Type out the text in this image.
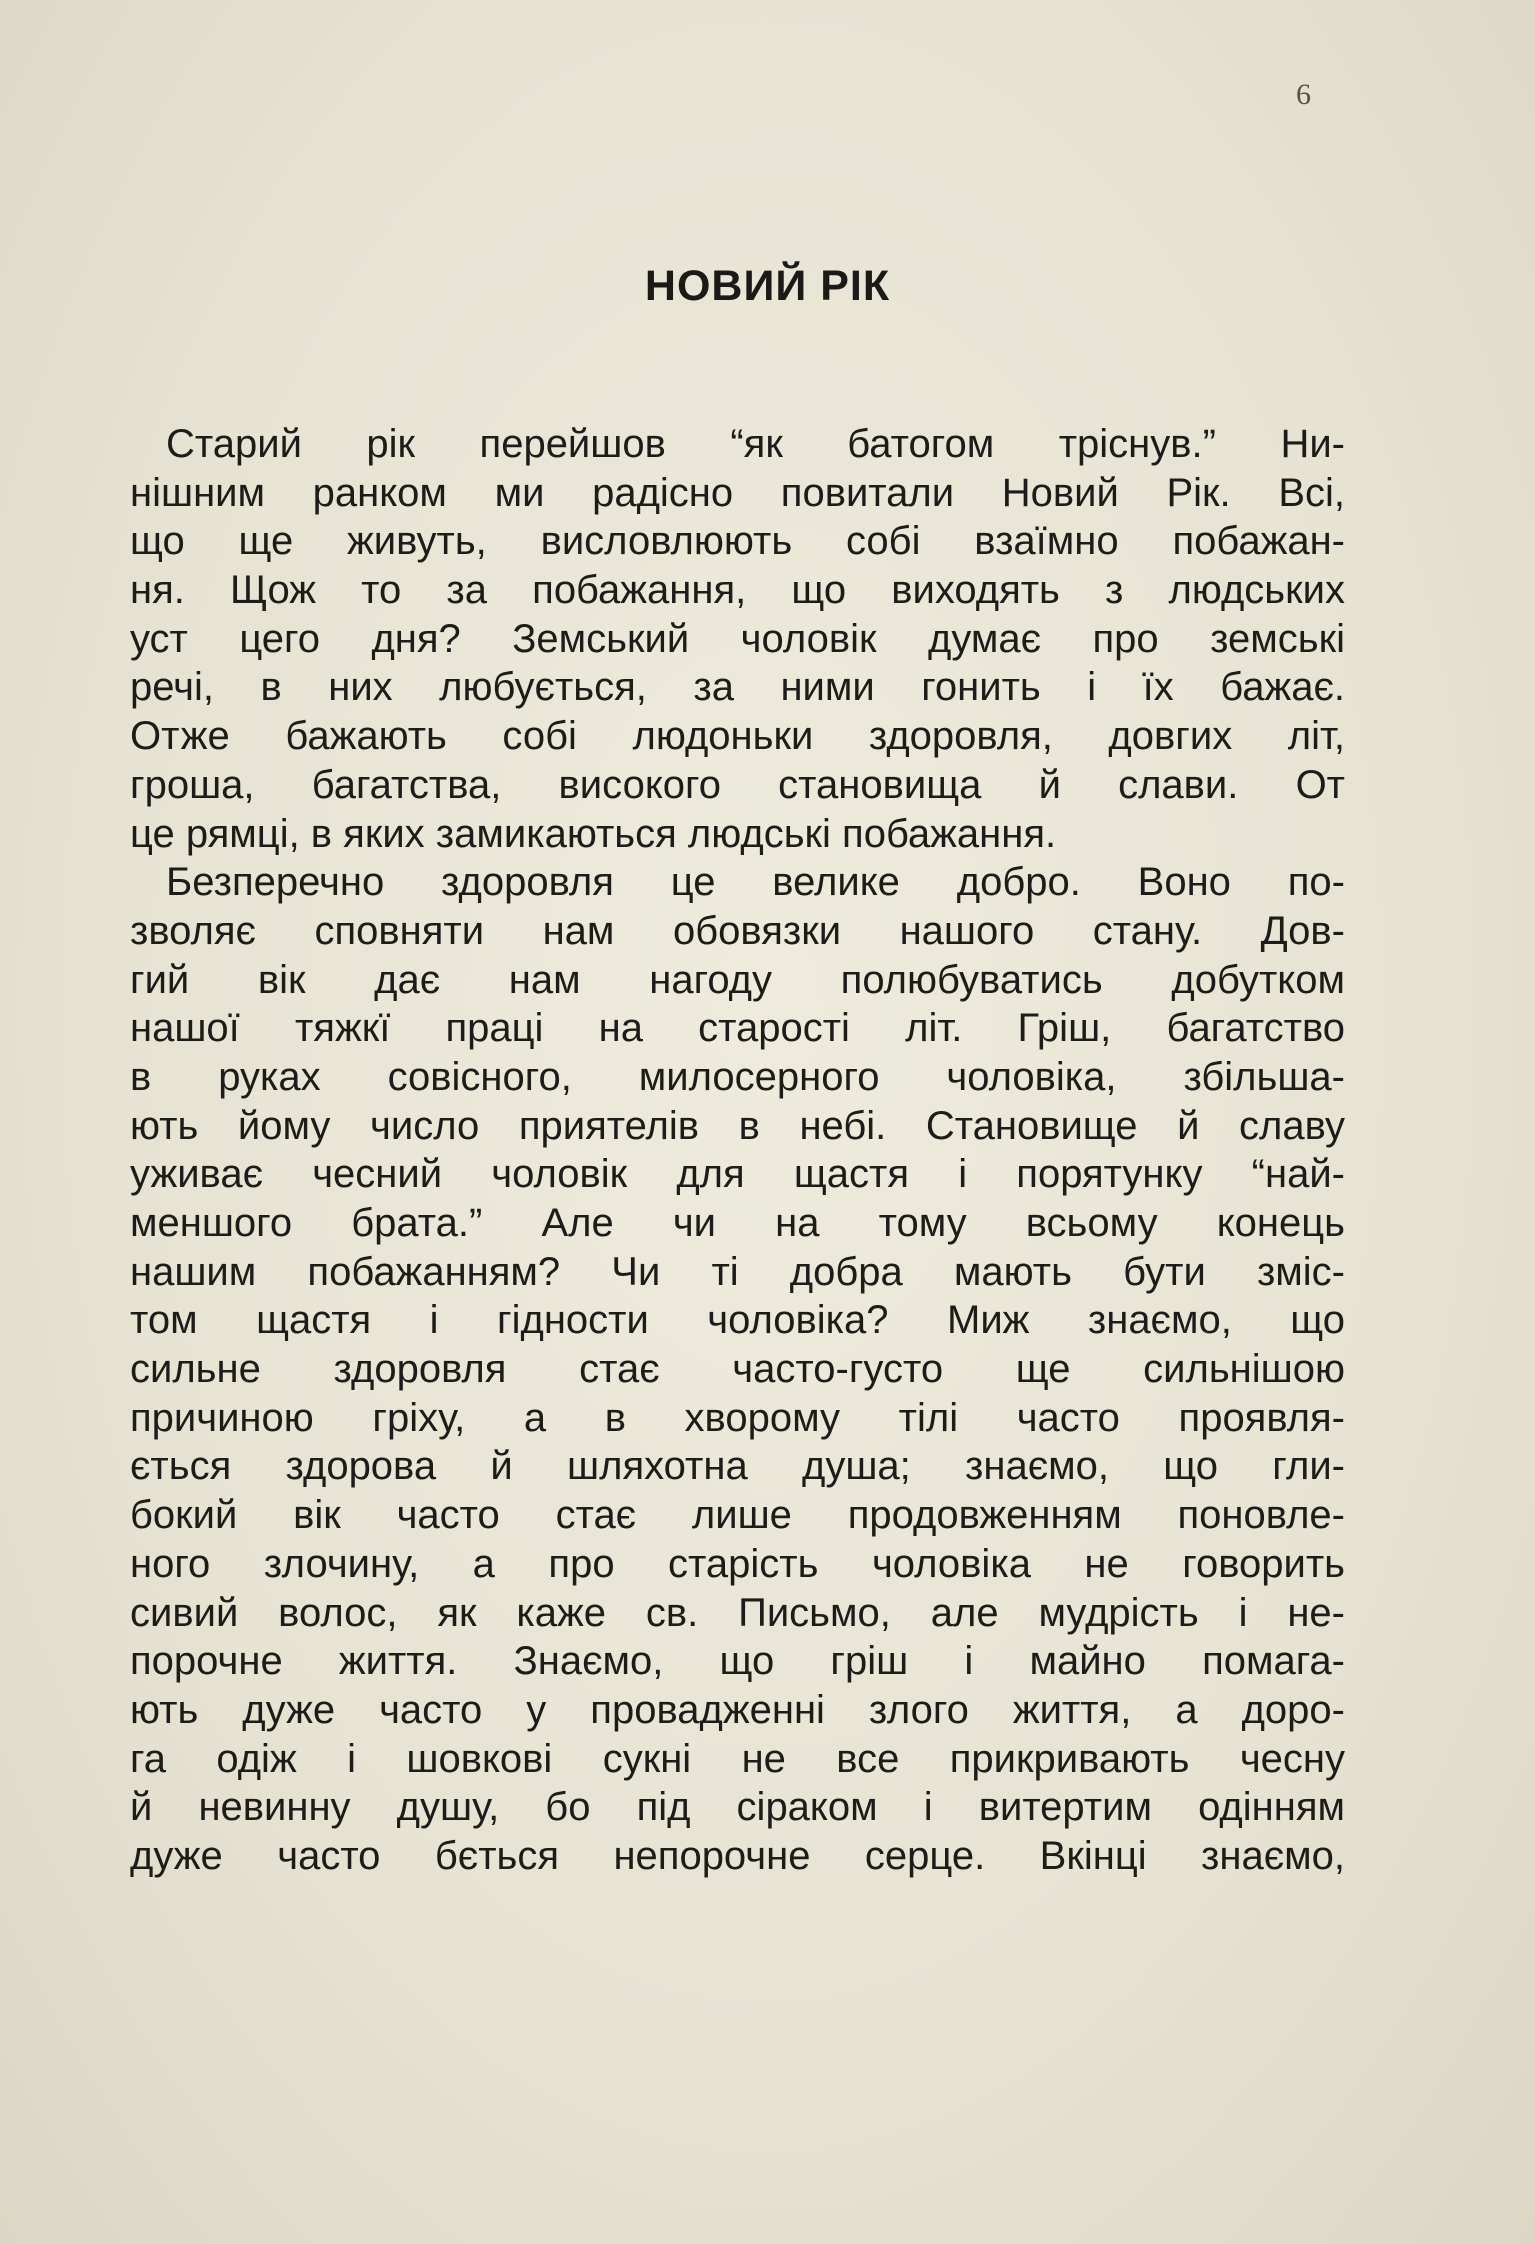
6
НОВИЙ РІК
Старий рік перейшов “як батогом тріснув.” Ни-
нішним ранком ми радісно повитали Новий Рік. Всі,
що ще живуть, висловлюють собі взаїмно побажан-
ня. Щож то за побажання, що виходять з людських
уст цего дня? Земський чоловік думає про земські
речі, в них любується, за ними гонить і їх бажає.
Отже бажають собі людоньки здоровля, довгих літ,
гроша, багатства, високого становища й слави. От
це рямці, в яких замикаються людські побажання.
Безперечно здоровля це велике добро. Воно по-
зволяє сповняти нам обовязки нашого стану. Дов-
гий вік дає нам нагоду полюбуватись добутком
нашої тяжкї праці на старості літ. Гріш, багатство
в руках совісного, милосерного чоловіка, збільша-
ють йому число приятелів в небі. Становище й славу
уживає чесний чоловік для щастя і порятунку “най-
меншого брата.” Але чи на тому всьому конець
нашим побажанням? Чи ті добра мають бути зміс-
том щастя і гідности чоловіка? Миж знаємо, що
сильне здоровля стає часто-густо ще сильнішою
причиною гріху, а в хворому тілі часто проявля-
ється здорова й шляхотна душа; знаємо, що гли-
бокий вік часто стає лише продовженням поновле-
ного злочину, а про старість чоловіка не говорить
сивий волос, як каже св. Письмо, але мудрість і не-
порочне життя. Знаємо, що гріш і майно помага-
ють дуже часто у провадженні злого життя, а доро-
га одіж і шовкові сукні не все прикривають чесну
й невинну душу, бо під сіраком і витертим одінням
дуже часто бється непорочне серце. Вкінці знаємо,
